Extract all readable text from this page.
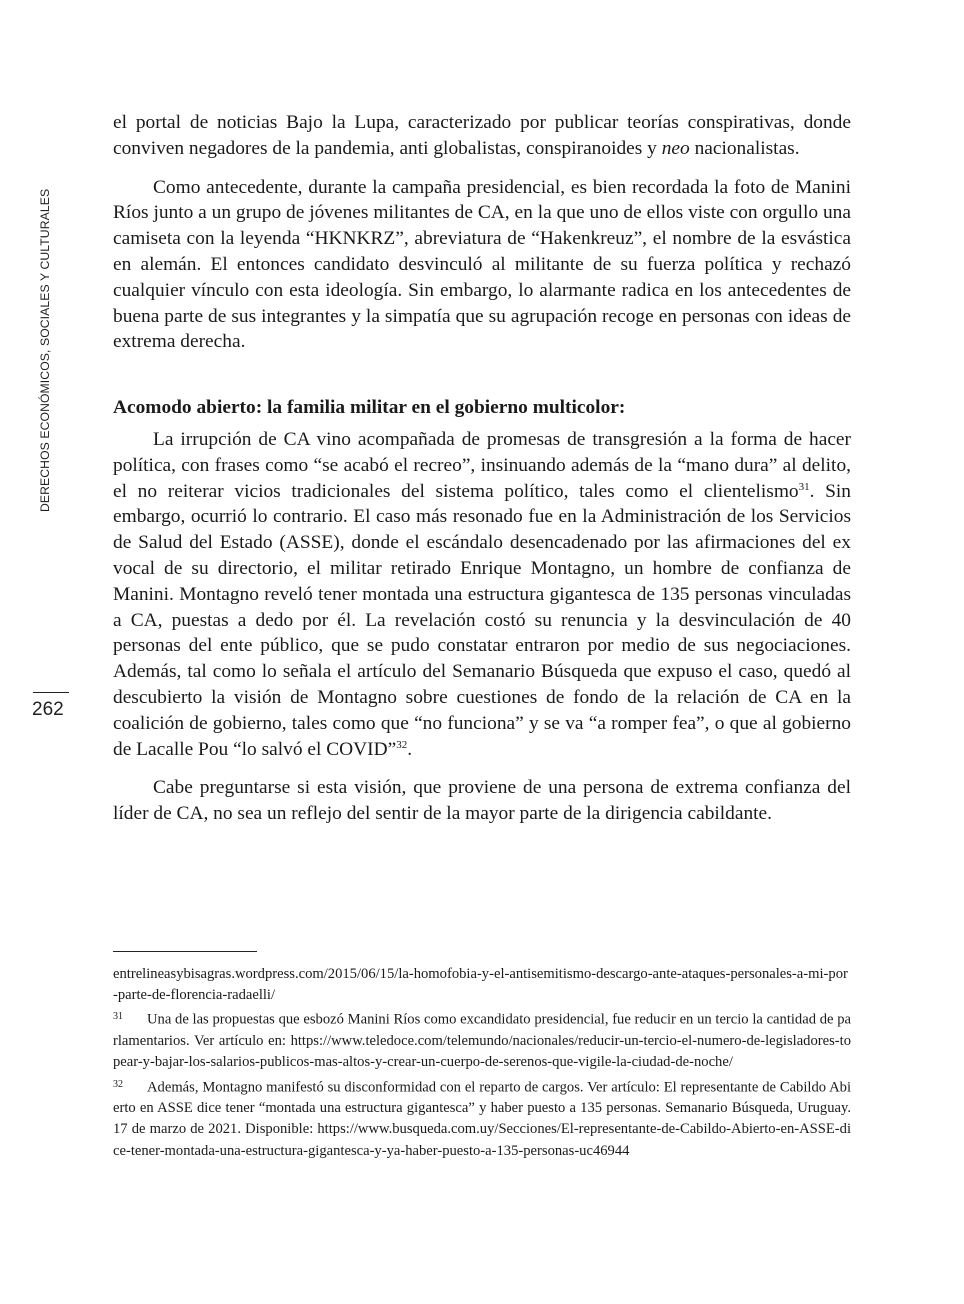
DERECHOS ECONÓMICOS, SOCIALES Y CULTURALES
262

el portal de noticias Bajo la Lupa, caracterizado por publicar teorías conspirativas, donde conviven negadores de la pandemia, anti globalistas, conspiranoides y neo nacionalistas.

Como antecedente, durante la campaña presidencial, es bien recordada la foto de Manini Ríos junto a un grupo de jóvenes militantes de CA, en la que uno de ellos viste con orgullo una camiseta con la leyenda “HKNKRZ”, abreviatura de “Hakenkreuz”, el nombre de la esvástica en alemán. El entonces candidato desvinculó al militante de su fuerza política y rechazó cualquier vínculo con esta ideología. Sin embargo, lo alarmante radica en los antecedentes de buena parte de sus integrantes y la simpatía que su agrupación recoge en personas con ideas de extrema derecha.

Acomodo abierto: la familia militar en el gobierno multicolor:

La irrupción de CA vino acompañada de promesas de transgresión a la forma de hacer política, con frases como “se acabó el recreo”, insinuando además de la “mano dura” al delito, el no reiterar vicios tradicionales del sistema político, tales como el clientelismo$^{31}$. Sin embargo, ocurrió lo contrario. El caso más resonado fue en la Administración de los Servicios de Salud del Estado (ASSE), donde el escándalo desencadenado por las afirmaciones del ex vocal de su directorio, el militar retirado Enrique Montagno, un hombre de confianza de Manini. Montagno reveló tener montada una estructura gigantesca de 135 personas vinculadas a CA, puestas a dedo por él. La revelación costó su renuncia y la desvinculación de 40 personas del ente público, que se pudo constatar entraron por medio de sus negociaciones. Además, tal como lo señala el artículo del Semanario Búsqueda que expuso el caso, quedó al descubierto la visión de Montagno sobre cuestiones de fondo de la relación de CA en la coalición de gobierno, tales como que “no funciona” y se va “a romper fea”, o que al gobierno de Lacalle Pou “lo salvó el COVID”$^{32}$.

Cabe preguntarse si esta visión, que proviene de una persona de extrema confianza del líder de CA, no sea un reflejo del sentir de la mayor parte de la dirigencia cabildante.

entrelineasybisagras.wordpress.com/2015/06/15/la-homofobia-y-el-antisemitismo-descargo-ante-ataques-personales-a-mi-por-parte-de-florencia-radaelli/

31 Una de las propuestas que esbozó Manini Ríos como excandidato presidencial, fue reducir en un tercio la cantidad de parlamentarios. Ver artículo en: https://www.teledoce.com/telemundo/nacionales/reducir-un-tercio-el-numero-de-legisladores-topear-y-bajar-los-salarios-publicos-mas-altos-y-crear-un-cuerpo-de-serenos-que-vigile-la-ciudad-de-noche/

32 Además, Montagno manifestó su disconformidad con el reparto de cargos. Ver artículo: El representante de Cabildo Abierto en ASSE dice tener “montada una estructura gigantesca” y haber puesto a 135 personas. Semanario Búsqueda, Uruguay. 17 de marzo de 2021. Disponible: https://www.busqueda.com.uy/Secciones/El-representante-de-Cabildo-Abierto-en-ASSE-dice-tener-montada-una-estructura-gigantesca-y-ya-haber-puesto-a-135-personas-uc46944
